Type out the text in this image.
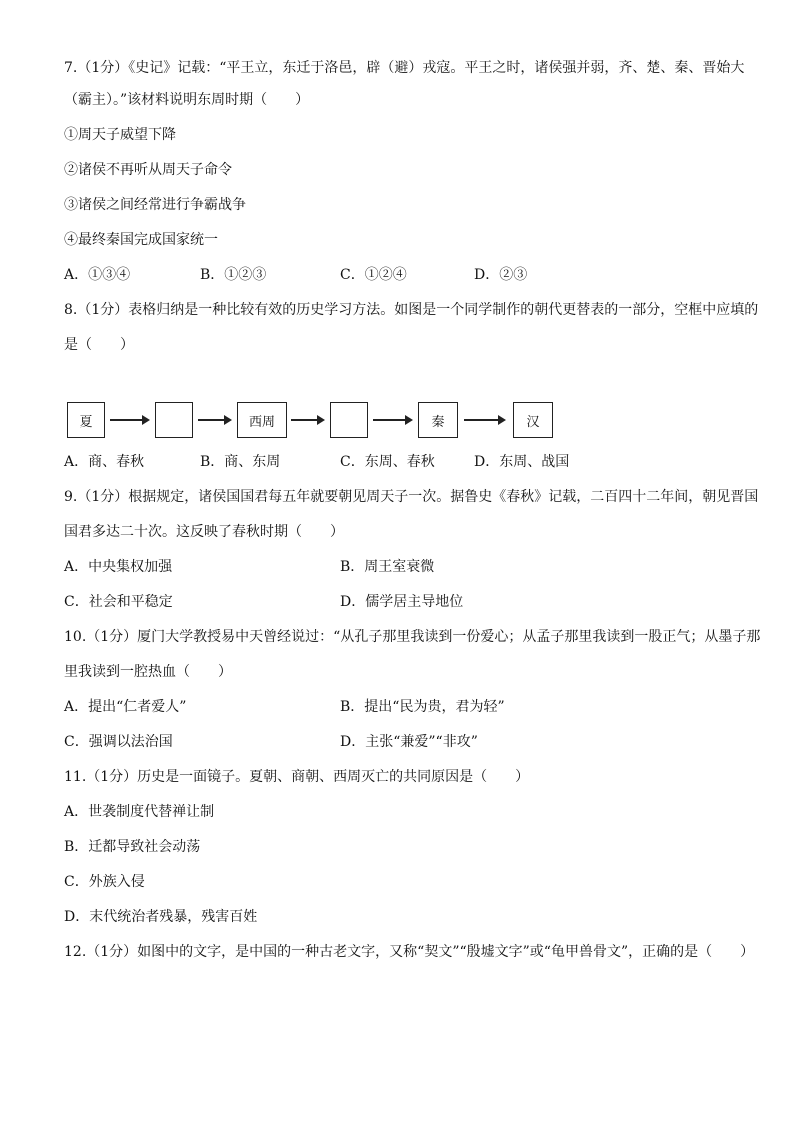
7.（1分）《史记》记载：“平王立，东迁于洛邑，辟（避）戎寇。平王之时，诸侯强并弱，齐、楚、秦、晋始大
（霸主）。”该材料说明东周时期（　　）
①周天子威望下降
②诸侯不再听从周天子命令
③诸侯之间经常进行争霸战争
④最终秦国完成国家统一
A．①③④	B．①②③	C．①②④	D．②③
8.（1分）表格归纳是一种比较有效的历史学习方法。如图是一个同学制作的朝代更替表的一部分，空框中应填的
是（　　）
夏	西周	秦	汉
A．商、春秋	B．商、东周	C．东周、春秋	D．东周、战国
9.（1分）根据规定，诸侯国国君每五年就要朝见周天子一次。据鲁史《春秋》记载，二百四十二年间，朝见晋国
国君多达二十次。这反映了春秋时期（　　）
A．中央集权加强	B．周王室衰微
C．社会和平稳定	D．儒学居主导地位
10.（1分）厦门大学教授易中天曾经说过：“从孔子那里我读到一份爱心；从孟子那里我读到一股正气；从墨子那
里我读到一腔热血（　　）
A．提出“仁者爱人”	B．提出“民为贵，君为轻”
C．强调以法治国	D．主张“兼爱”“非攻”
11.（1分）历史是一面镜子。夏朝、商朝、西周灭亡的共同原因是（　　）
A．世袭制度代替禅让制
B．迁都导致社会动荡
C．外族入侵
D．末代统治者残暴，残害百姓
12.（1分）如图中的文字，是中国的一种古老文字，又称“契文”“殷墟文字”或“龟甲兽骨文”，正确的是（　　）
